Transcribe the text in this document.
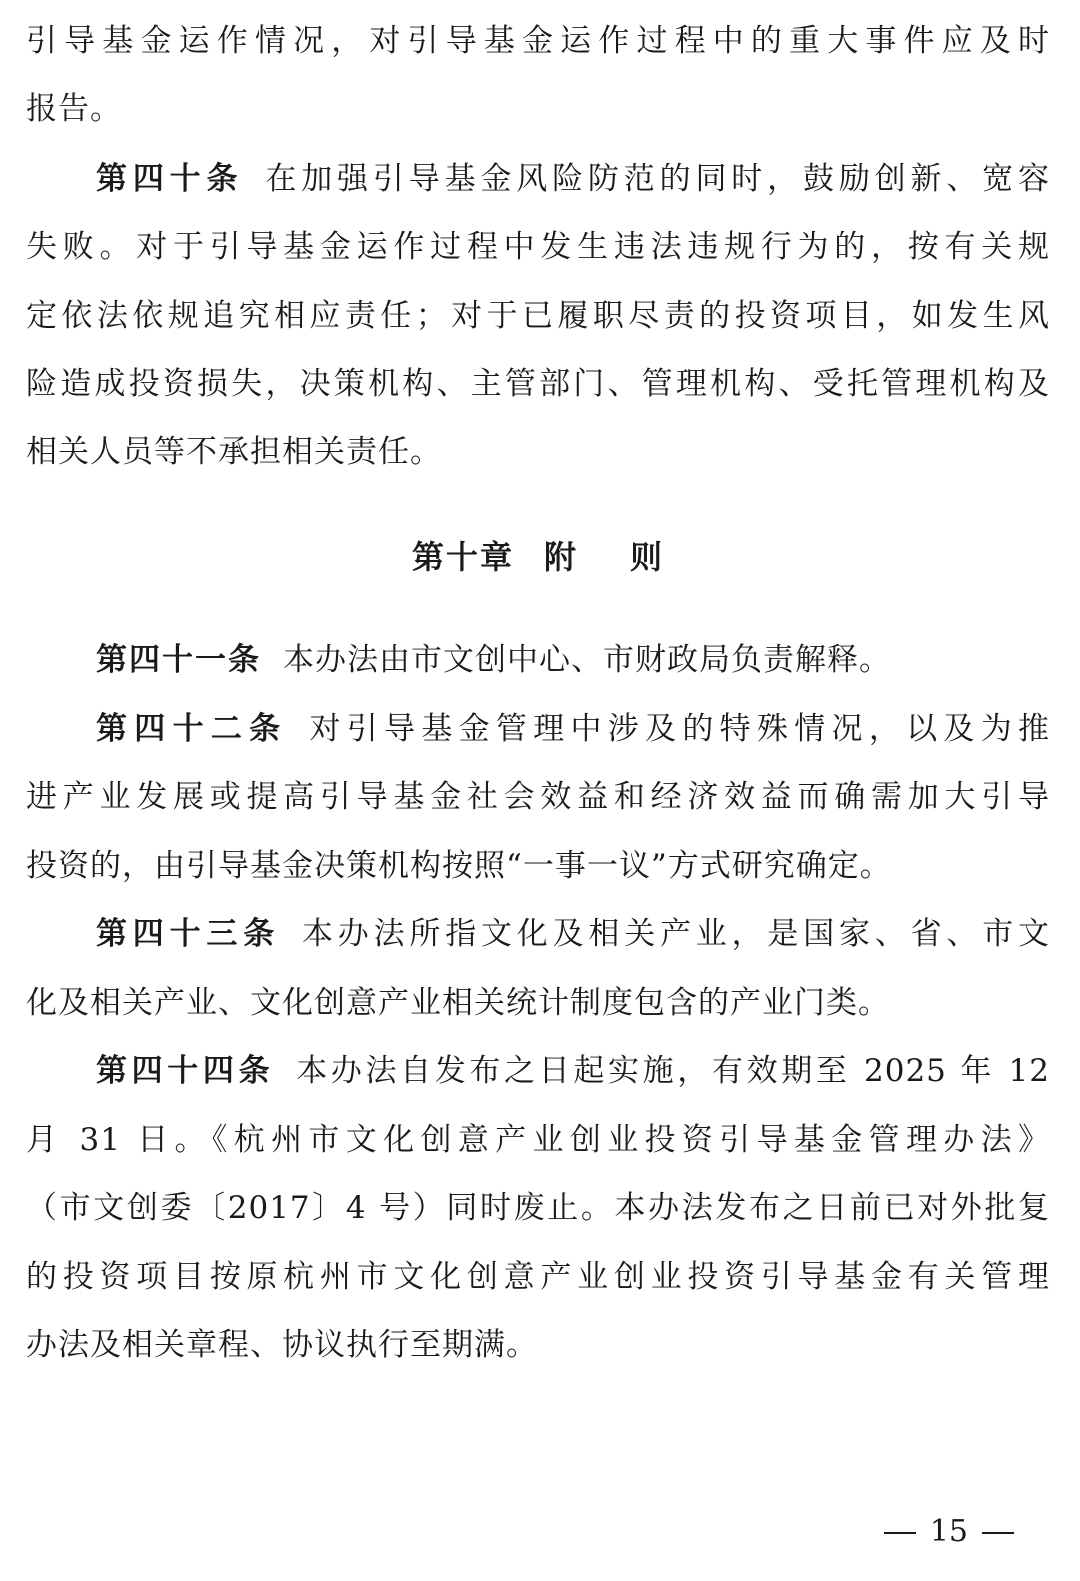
引导基金运作情况，对引导基金运作过程中的重大事件应及时
报告。
第四十条 在加强引导基金风险防范的同时，鼓励创新、宽容
失败。对于引导基金运作过程中发生违法违规行为的，按有关规
定依法依规追究相应责任；对于已履职尽责的投资项目，如发生风
险造成投资损失，决策机构、主管部门、管理机构、受托管理机构及
相关人员等不承担相关责任。
第十章 附 则
第四十一条 本办法由市文创中心、市财政局负责解释。
第四十二条 对引导基金管理中涉及的特殊情况，以及为推
进产业发展或提高引导基金社会效益和经济效益而确需加大引导
投资的，由引导基金决策机构按照“一事一议”方式研究确定。
第四十三条 本办法所指文化及相关产业，是国家、省、市文
化及相关产业、文化创意产业相关统计制度包含的产业门类。
第四十四条 本办法自发布之日起实施，有效期至 2025 年 12
月 31 日。《杭州市文化创意产业创业投资引导基金管理办法》
（市文创委〔2017〕4 号）同时废止。本办法发布之日前已对外批复
的投资项目按原杭州市文化创意产业创业投资引导基金有关管理
办法及相关章程、协议执行至期满。
15
